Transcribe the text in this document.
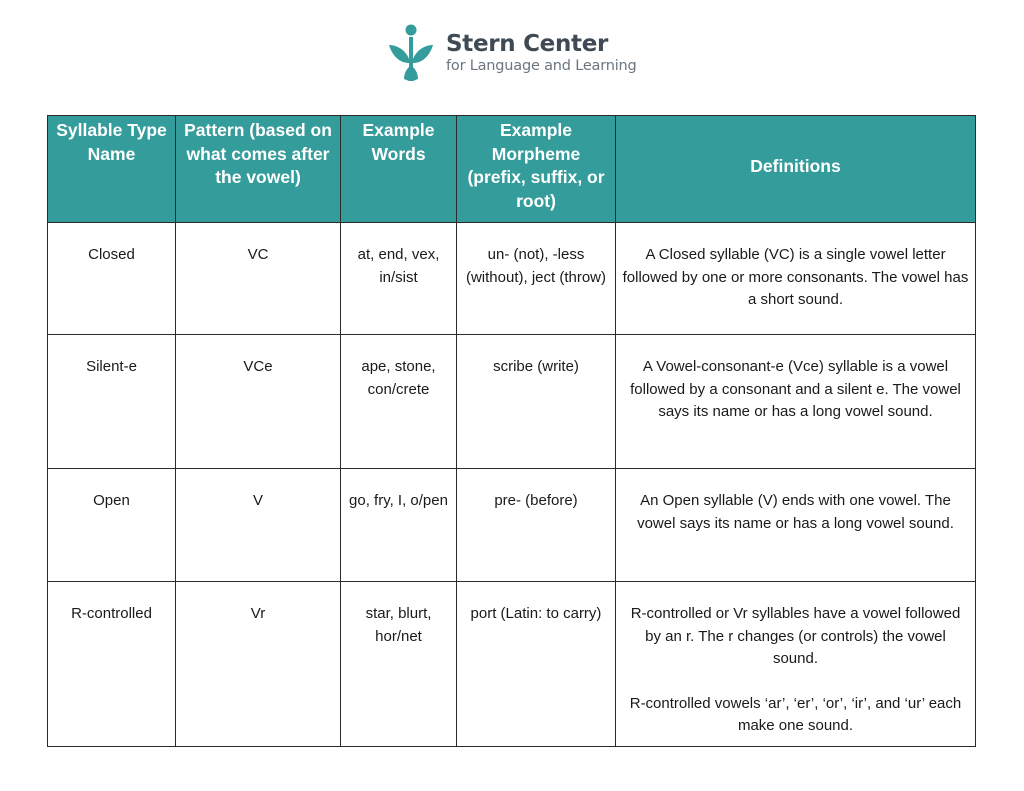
Stern Center
for Language and Learning
Syllable Type Name	Pattern (based on what comes after the vowel)	Example Words	Example Morpheme (prefix, suffix, or root)	Definitions
Closed	VC	at, end, vex, in/sist	un- (not), -less (without), ject (throw)	A Closed syllable (VC) is a single vowel letter followed by one or more consonants. The vowel has a short sound.

Silent-e	VCe	ape, stone, con/crete	scribe (write)	A Vowel-consonant-e (Vce) syllable is a vowel followed by a consonant and a silent e. The vowel says its name or has a long vowel sound.

Open	V	go, fry, I, o/pen	pre- (before)	An Open syllable (V) ends with one vowel. The vowel says its name or has a long vowel sound.

R-controlled	Vr	star, blurt, hor/net	port (Latin: to carry)	R-controlled or Vr syllables have a vowel followed by an r. The r changes (or controls) the vowel sound.

R-controlled vowels ‘ar’, ‘er’, ‘or’, ‘ir’, and ‘ur’ each make one sound.
